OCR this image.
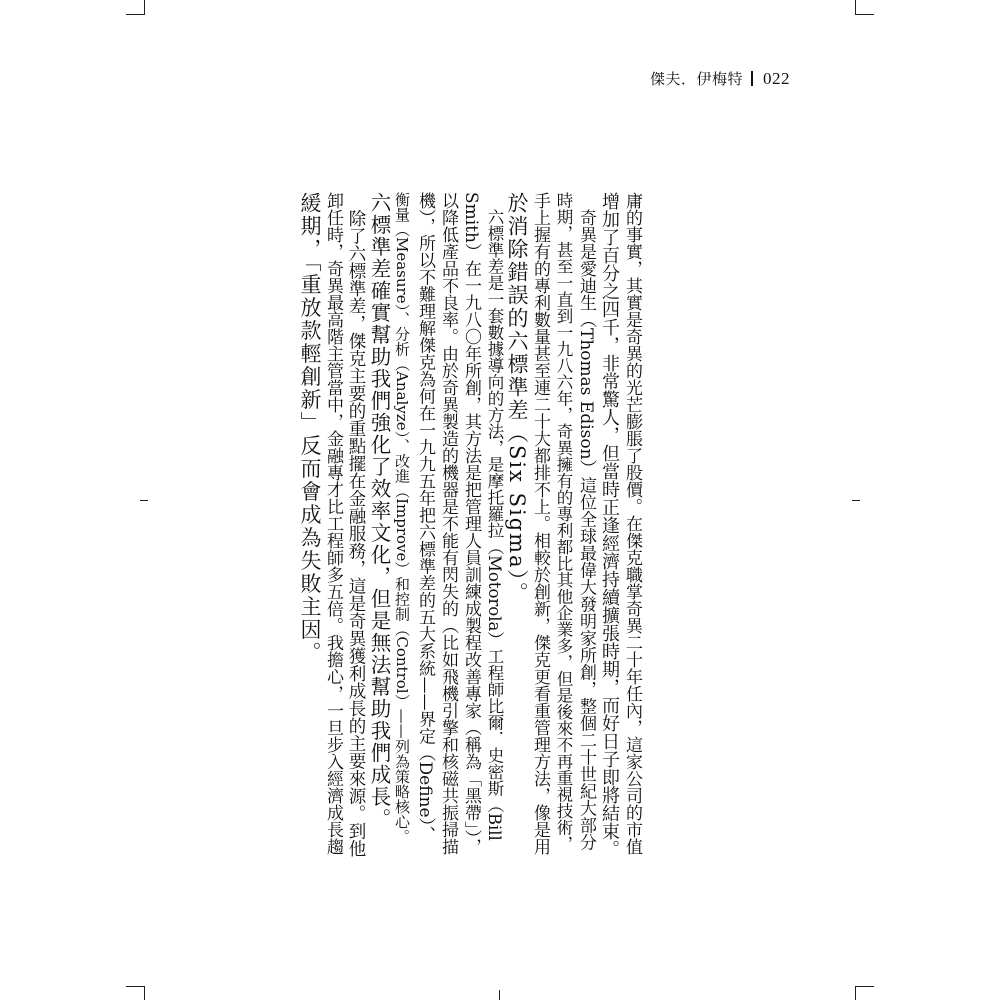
傑夫．伊梅特 022
庸的事實，其實是奇異的光芒膨脹了股價。在傑克職掌奇異二十年任內，這家公司的市值
增加了百分之四千，非常驚人，但當時正逢經濟持續擴張時期，而好日子即將結束。
　奇異是愛迪生（Thomas Edison）這位全球最偉大發明家所創，整個二十世紀大部分
時期，甚至一直到一九八六年，奇異擁有的專利都比其他企業多，但是後來不再重視技術，
手上握有的專利數量甚至連二十大都排不上。相較於創新，傑克更看重管理方法，像是用
於消除錯誤的六標準差（Six Sigma）。
　六標準差是一套數據導向的方法，是摩托羅拉（Motorola）工程師比爾．史密斯（Bill
Smith）在一九八〇年所創，其方法是把管理人員訓練成製程改善專家（稱為「黑帶」），
以降低產品不良率。由於奇異製造的機器是不能有閃失的（比如飛機引擎和核磁共振掃描
機），所以不難理解傑克為何在一九九五年把六標準差的五大系統——界定（Define）、
衡量（Measure）、分析（Analyze）、改進（Improve）和控制（Control）——列為策略核心。
六標準差確實幫助我們強化了效率文化，但是無法幫助我們成長。
　除了六標準差，傑克主要的重點擺在金融服務，這是奇異獲利成長的主要來源。到他
卸任時，奇異最高階主管當中，金融專才比工程師多五倍。我擔心，一旦步入經濟成長趨
緩期，「重放款輕創新」反而會成為失敗主因。
